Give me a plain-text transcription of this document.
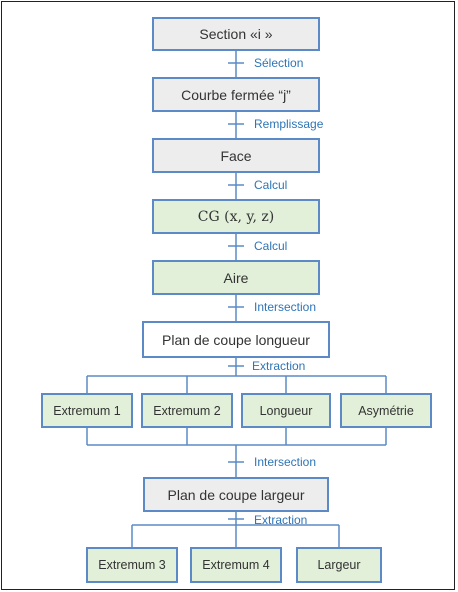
Section «i »
Courbe fermée “j”
Face
CG (x, y, z)
Aire
Plan de coupe longueur
Extremum 1	Extremum 2	Longueur	Asymétrie
Plan de coupe largeur
Extremum 3	Extremum 4	Largeur
Sélection
Remplissage
Calcul
Calcul
Intersection
Extraction
Intersection
Extraction
